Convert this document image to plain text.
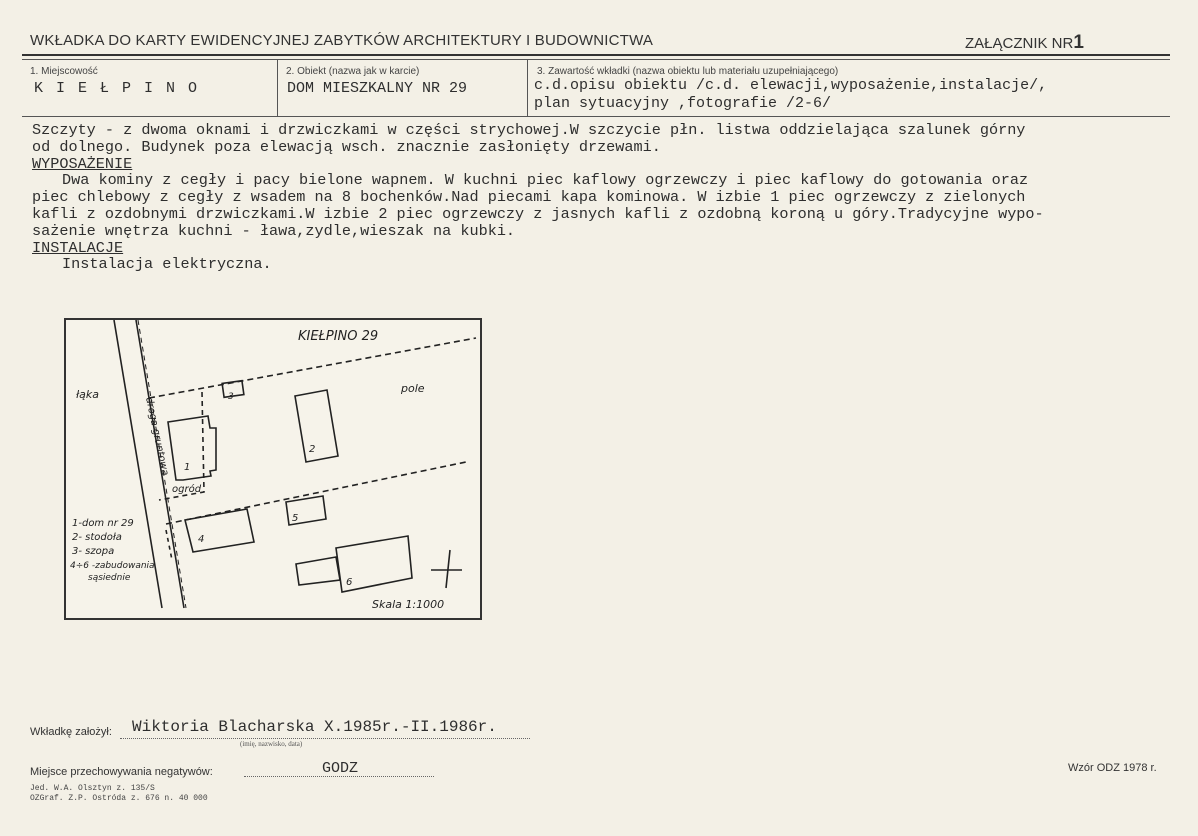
WKŁADKA DO KARTY EWIDENCYJNEJ ZABYTKÓW ARCHITEKTURY I BUDOWNICTWA	ZAŁĄCZNIK NR1
1. Miejscowość
K I E Ł P I N O
2. Obiekt (nazwa jak w karcie)
DOM MIESZKALNY NR 29
3. Zawartość wkładki (nazwa obiektu lub materiału uzupełniającego)
c.d.opisu obiektu /c.d. elewacji,wyposażenie,instalacje/,
plan sytuacyjny ,fotografie /2-6/

Szczyty - z dwoma oknami i drzwiczkami w części strychowej.W szczycie płn. listwa oddzielająca szalunek górny

od dolnego. Budynek poza elewacją wsch. znacznie zasłonięty drzewami.

WYPOSAŻENIE

Dwa kominy z cegły i pacy bielone wapnem. W kuchni piec kaflowy ogrzewczy i piec kaflowy do gotowania oraz

piec chlebowy z cegły z wsadem na 8 bochenków.Nad piecami kapa kominowa. W izbie 1 piec ogrzewczy z zielonych

kafli z ozdobnymi drzwiczkami.W izbie 2 piec ogrzewczy z jasnych kafli z ozdobną koroną u góry.Tradycyjne wypo-

sażenie wnętrza kuchni - ława,zydle,wieszak na kubki.

INSTALACJE

Instalacja elektryczna.

KIEŁPINO 29
łąka	pole
droga gruntowa
ogród
1
2
3
4
5
6
1-dom nr 29
2- stodoła
3- szopa
4÷6 -zabudowania
sąsiednie
Skala 1:1000
Wkładkę założył: Wiktoria Blacharska X.1985r.-II.1986r.
(imię, nazwisko, data)
Miejsce przechowywania negatywów:	GODZ	Wzór ODZ 1978 r.
Jed. W.A. Olsztyn z. 135/S
OZGraf. Z.P. Ostróda z. 676 n. 40 000
